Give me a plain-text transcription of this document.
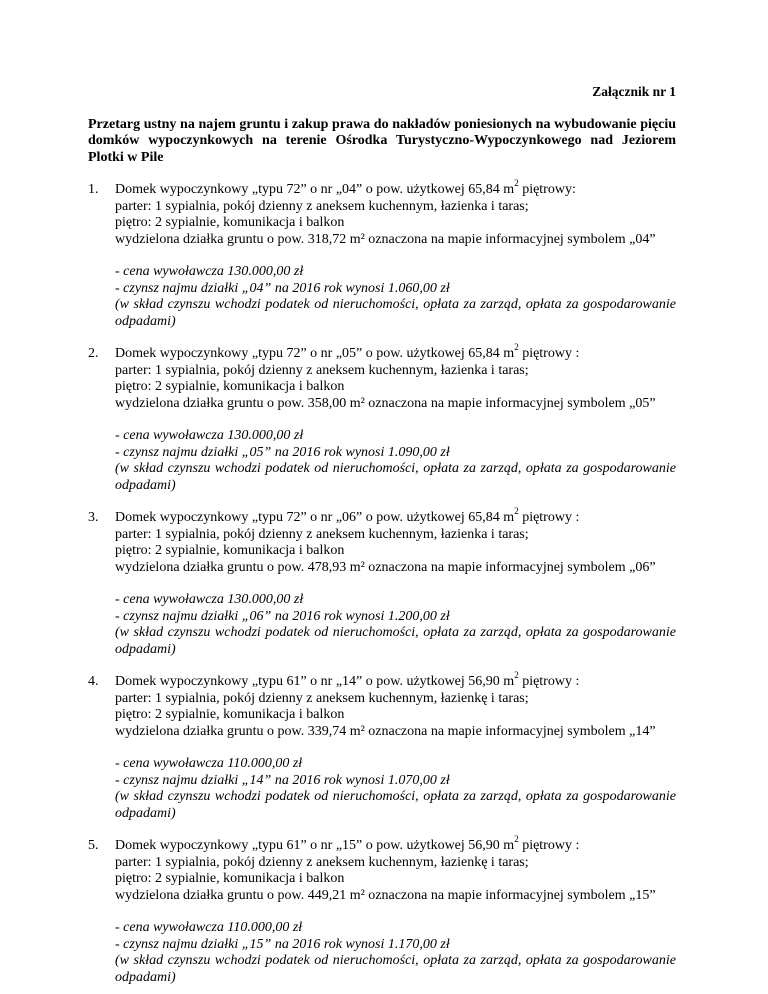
Załącznik nr 1
Przetarg ustny na najem gruntu i zakup prawa do nakładów poniesionych na wybudowanie pięciu domków wypoczynkowych na terenie Ośrodka Turystyczno-Wypoczynkowego nad Jeziorem Plotki w Pile
1. Domek wypoczynkowy „typu 72” o nr „04” o pow. użytkowej 65,84 $m^2$ piętrowy:
parter: 1 sypialnia, pokój dzienny z aneksem kuchennym, łazienka i taras;
piętro: 2 sypialnie, komunikacja i balkon
wydzielona działka gruntu o pow. 318,72 m² oznaczona na mapie informacyjnej symbolem „04”
- cena wywoławcza 130.000,00 zł
- czynsz najmu działki „04” na 2016 rok wynosi 1.060,00 zł
(w skład czynszu wchodzi podatek od nieruchomości, opłata za zarząd, opłata za gospodarowanie odpadami)
2. Domek wypoczynkowy „typu 72” o nr „05” o pow. użytkowej 65,84 $m^2$ piętrowy :
parter: 1 sypialnia, pokój dzienny z aneksem kuchennym, łazienka i taras;
piętro: 2 sypialnie, komunikacja i balkon
wydzielona działka gruntu o pow. 358,00 m² oznaczona na mapie informacyjnej symbolem „05”
- cena wywoławcza 130.000,00 zł
- czynsz najmu działki „05” na 2016 rok wynosi 1.090,00 zł
(w skład czynszu wchodzi podatek od nieruchomości, opłata za zarząd, opłata za gospodarowanie odpadami)
3. Domek wypoczynkowy „typu 72” o nr „06” o pow. użytkowej 65,84 $m^2$ piętrowy :
parter: 1 sypialnia, pokój dzienny z aneksem kuchennym, łazienka i taras;
piętro: 2 sypialnie, komunikacja i balkon
wydzielona działka gruntu o pow. 478,93 m² oznaczona na mapie informacyjnej symbolem „06”
- cena wywoławcza 130.000,00 zł
- czynsz najmu działki „06” na 2016 rok wynosi 1.200,00 zł
(w skład czynszu wchodzi podatek od nieruchomości, opłata za zarząd, opłata za gospodarowanie odpadami)
4. Domek wypoczynkowy „typu 61” o nr „14” o pow. użytkowej 56,90 $m^2$ piętrowy :
parter: 1 sypialnia, pokój dzienny z aneksem kuchennym, łazienkę i taras;
piętro: 2 sypialnie, komunikacja i balkon
wydzielona działka gruntu o pow. 339,74 m² oznaczona na mapie informacyjnej symbolem „14”
- cena wywoławcza 110.000,00 zł
- czynsz najmu działki „14” na 2016 rok wynosi 1.070,00 zł
(w skład czynszu wchodzi podatek od nieruchomości, opłata za zarząd, opłata za gospodarowanie odpadami)
5. Domek wypoczynkowy „typu 61” o nr „15” o pow. użytkowej 56,90 $m^2$ piętrowy :
parter: 1 sypialnia, pokój dzienny z aneksem kuchennym, łazienkę i taras;
piętro: 2 sypialnie, komunikacja i balkon
wydzielona działka gruntu o pow. 449,21 m² oznaczona na mapie informacyjnej symbolem „15”
- cena wywoławcza 110.000,00 zł
- czynsz najmu działki „15” na 2016 rok wynosi 1.170,00 zł
(w skład czynszu wchodzi podatek od nieruchomości, opłata za zarząd, opłata za gospodarowanie odpadami)
